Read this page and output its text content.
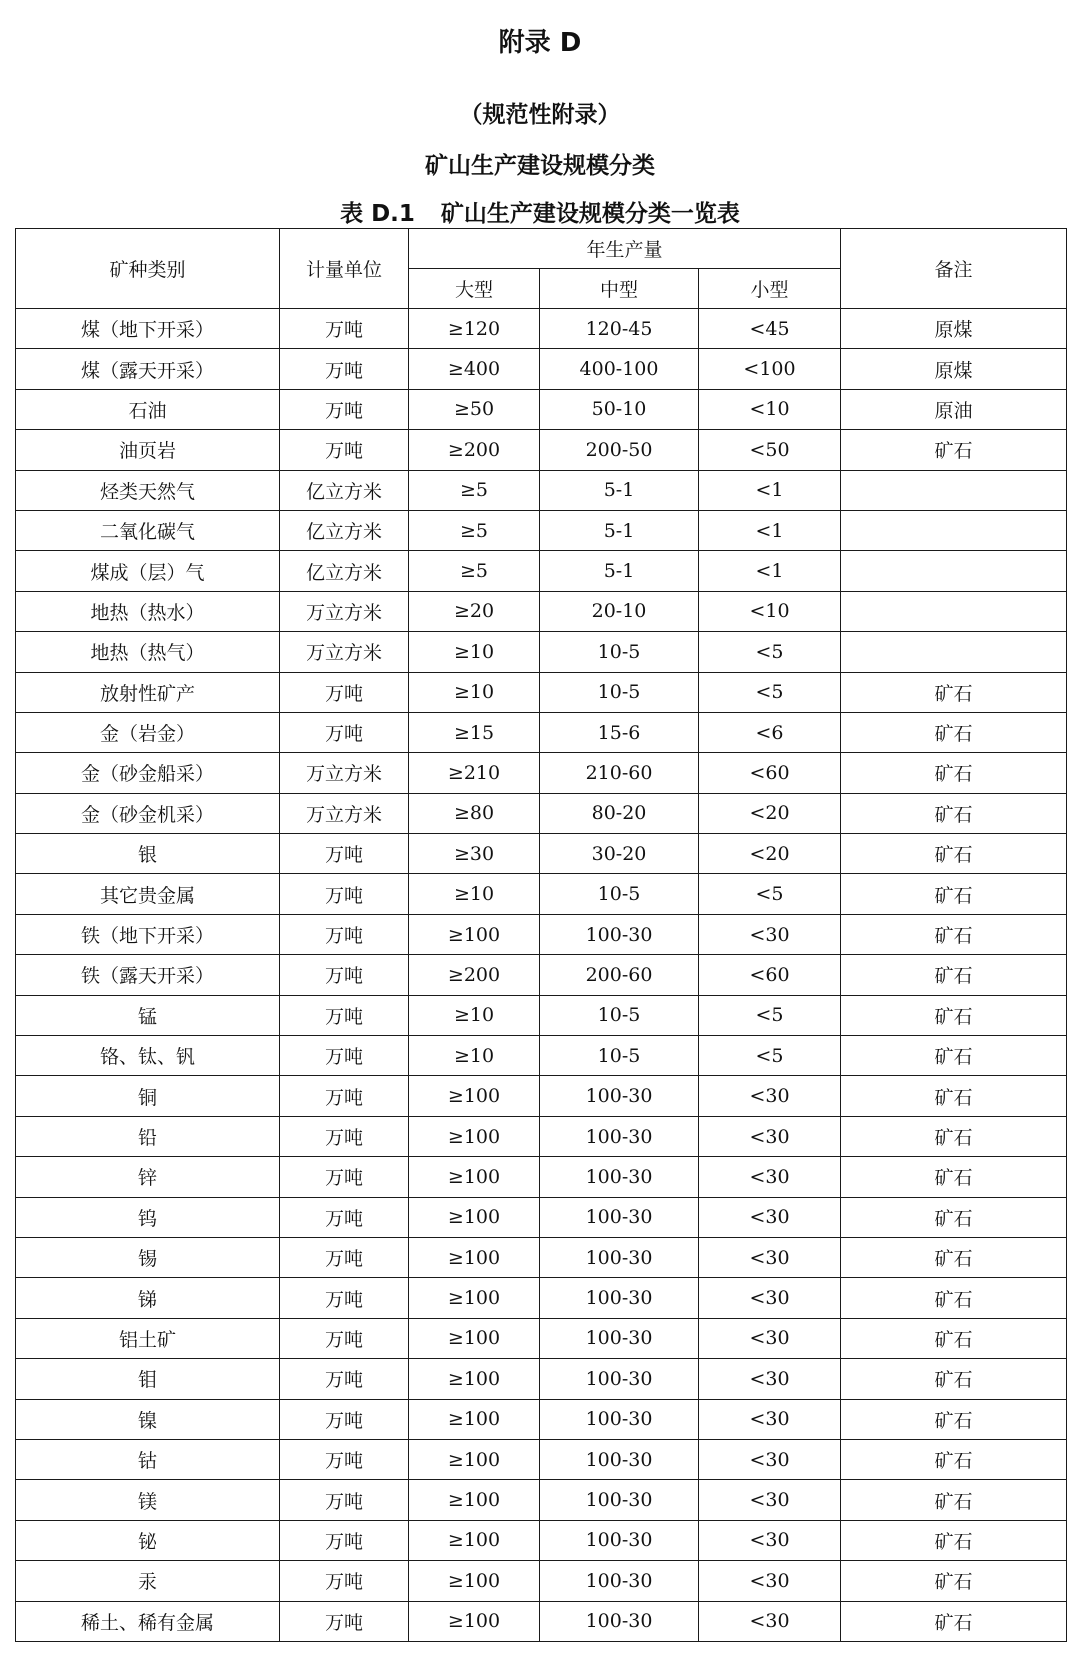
附录 D
（规范性附录）
矿山生产建设规模分类
表 D.1 矿山生产建设规模分类一览表
矿种类别	计量单位	年生产量			备注
		大型	中型	小型	
煤（地下开采）	万吨	≥120	120-45	<45	原煤
煤（露天开采）	万吨	≥400	400-100	<100	原煤
石油	万吨	≥50	50-10	<10	原油
油页岩	万吨	≥200	200-50	<50	矿石
烃类天然气	亿立方米	≥5	5-1	<1	
二氧化碳气	亿立方米	≥5	5-1	<1	
煤成（层）气	亿立方米	≥5	5-1	<1	
地热（热水）	万立方米	≥20	20-10	<10	
地热（热气）	万立方米	≥10	10-5	<5	
放射性矿产	万吨	≥10	10-5	<5	矿石
金（岩金）	万吨	≥15	15-6	<6	矿石
金（砂金船采）	万立方米	≥210	210-60	<60	矿石
金（砂金机采）	万立方米	≥80	80-20	<20	矿石
银	万吨	≥30	30-20	<20	矿石
其它贵金属	万吨	≥10	10-5	<5	矿石
铁（地下开采）	万吨	≥100	100-30	<30	矿石
铁（露天开采）	万吨	≥200	200-60	<60	矿石
锰	万吨	≥10	10-5	<5	矿石
铬、钛、钒	万吨	≥10	10-5	<5	矿石
铜	万吨	≥100	100-30	<30	矿石
铅	万吨	≥100	100-30	<30	矿石
锌	万吨	≥100	100-30	<30	矿石
钨	万吨	≥100	100-30	<30	矿石
锡	万吨	≥100	100-30	<30	矿石
锑	万吨	≥100	100-30	<30	矿石
铝土矿	万吨	≥100	100-30	<30	矿石
钼	万吨	≥100	100-30	<30	矿石
镍	万吨	≥100	100-30	<30	矿石
钴	万吨	≥100	100-30	<30	矿石
镁	万吨	≥100	100-30	<30	矿石
铋	万吨	≥100	100-30	<30	矿石
汞	万吨	≥100	100-30	<30	矿石
稀土、稀有金属	万吨	≥100	100-30	<30	矿石
